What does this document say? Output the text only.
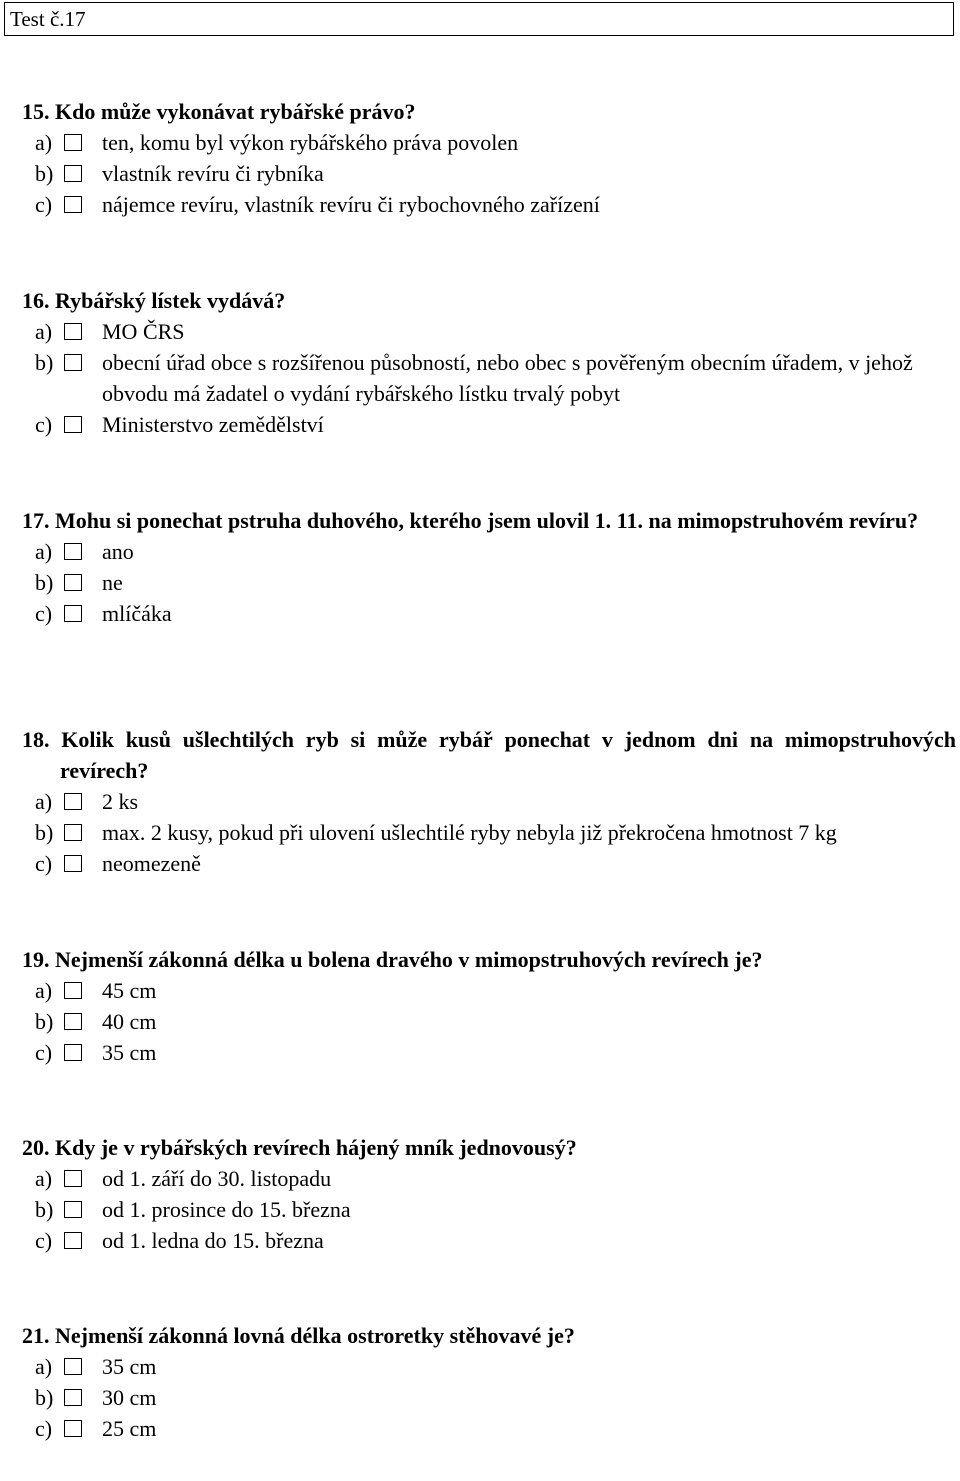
Test č.17
15. Kdo může vykonávat rybářské právo?
a) ten, komu byl výkon rybářského práva povolen
b) vlastník revíru či rybníka
c) nájemce revíru, vlastník revíru či rybochovného zařízení
16. Rybářský lístek vydává?
a) MO ČRS
b) obecní úřad obce s rozšířenou působností, nebo obec s pověřeným obecním úřadem, v jehož obvodu má žadatel o vydání rybářského lístku trvalý pobyt
c) Ministerstvo zemědělství
17. Mohu si ponechat pstruha duhového, kterého jsem ulovil 1. 11. na mimopstruhovém revíru?
a) ano
b) ne
c) mlíčáka
18. Kolik kusů ušlechtilých ryb si může rybář ponechat v jednom dni na mimopstruhových revírech?
a) 2 ks
b) max. 2 kusy, pokud při ulovení ušlechtilé ryby nebyla již překročena hmotnost 7 kg
c) neomezeně
19. Nejmenší zákonná délka u bolena dravého v mimopstruhových revírech je?
a) 45 cm
b) 40 cm
c) 35 cm
20. Kdy je v rybářských revírech hájený mník jednovousý?
a) od 1. září do 30. listopadu
b) od 1. prosince do 15. března
c) od 1. ledna do 15. března
21. Nejmenší zákonná lovná délka ostroretky stěhovavé je?
a) 35 cm
b) 30 cm
c) 25 cm
